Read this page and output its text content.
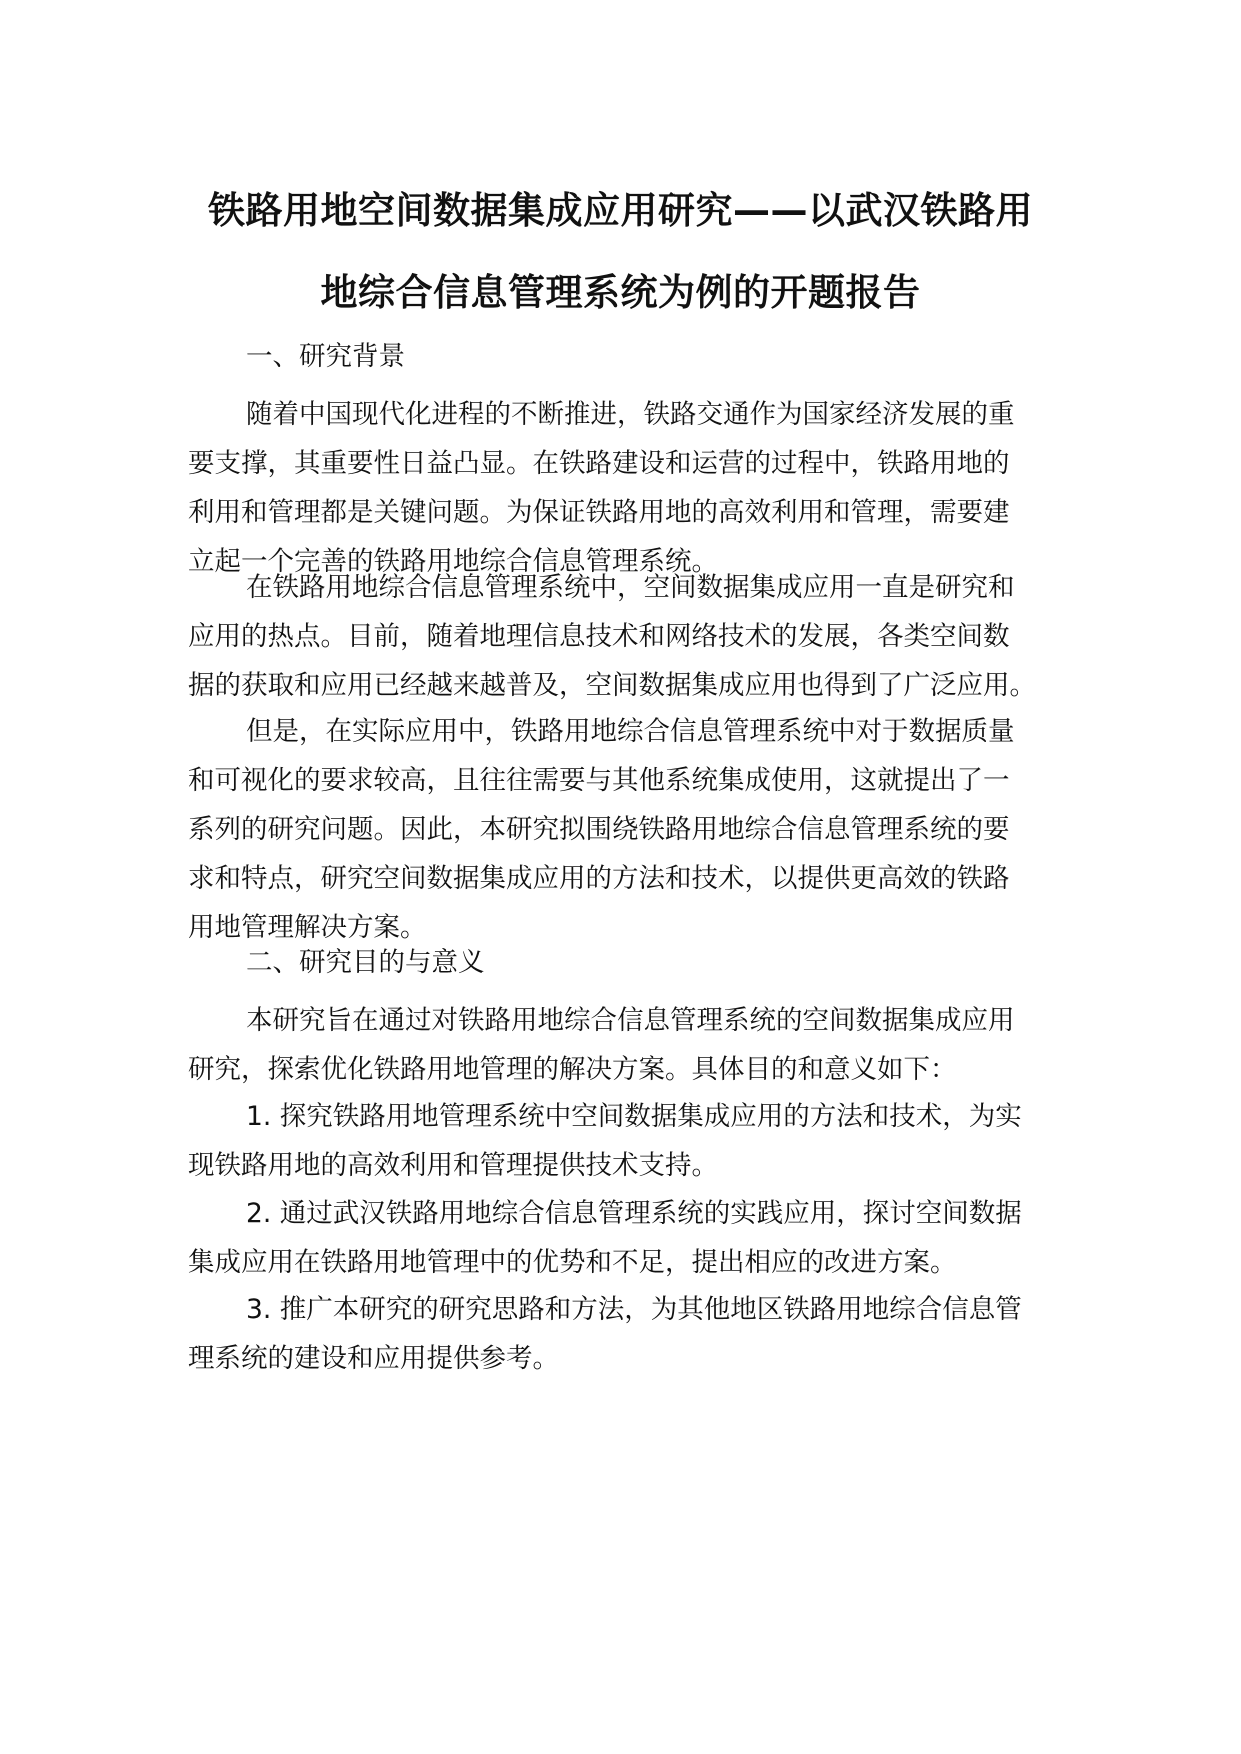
铁路用地空间数据集成应用研究——以武汉铁路用
地综合信息管理系统为例的开题报告
一、研究背景
随着中国现代化进程的不断推进，铁路交通作为国家经济发展的重
要支撑，其重要性日益凸显。在铁路建设和运营的过程中，铁路用地的
利用和管理都是关键问题。为保证铁路用地的高效利用和管理，需要建
立起一个完善的铁路用地综合信息管理系统。
在铁路用地综合信息管理系统中，空间数据集成应用一直是研究和
应用的热点。目前，随着地理信息技术和网络技术的发展，各类空间数
据的获取和应用已经越来越普及，空间数据集成应用也得到了广泛应用。
但是，在实际应用中，铁路用地综合信息管理系统中对于数据质量
和可视化的要求较高，且往往需要与其他系统集成使用，这就提出了一
系列的研究问题。因此，本研究拟围绕铁路用地综合信息管理系统的要
求和特点，研究空间数据集成应用的方法和技术，以提供更高效的铁路
用地管理解决方案。
二、研究目的与意义
本研究旨在通过对铁路用地综合信息管理系统的空间数据集成应用
研究，探索优化铁路用地管理的解决方案。具体目的和意义如下：
1. 探究铁路用地管理系统中空间数据集成应用的方法和技术，为实
现铁路用地的高效利用和管理提供技术支持。
2. 通过武汉铁路用地综合信息管理系统的实践应用，探讨空间数据
集成应用在铁路用地管理中的优势和不足，提出相应的改进方案。
3. 推广本研究的研究思路和方法，为其他地区铁路用地综合信息管
理系统的建设和应用提供参考。
